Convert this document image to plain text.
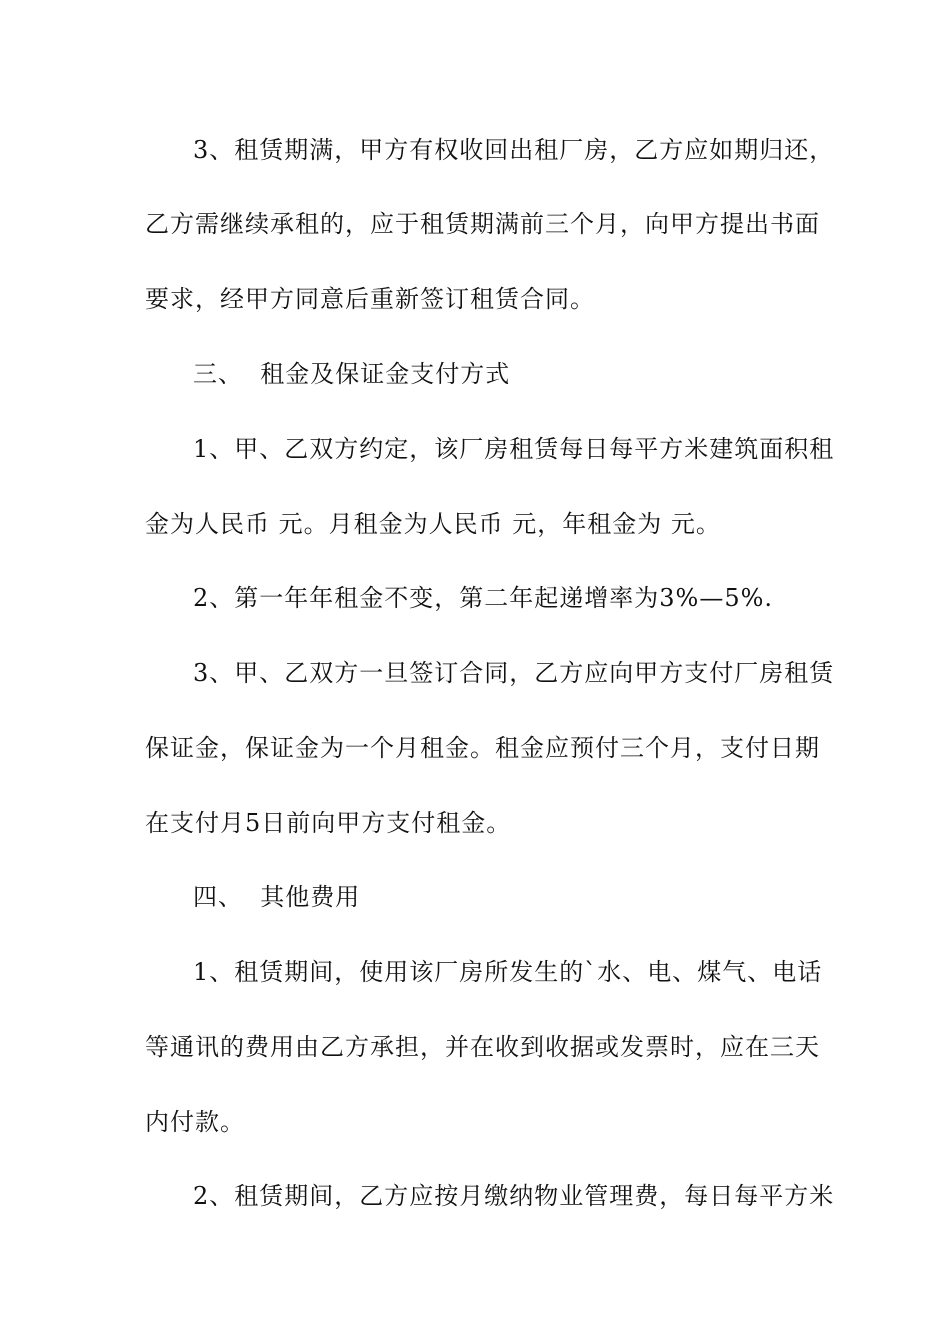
3、租赁期满，甲方有权收回出租厂房，乙方应如期归还，
乙方需继续承租的，应于租赁期满前三个月，向甲方提出书面
要求，经甲方同意后重新签订租赁合同。
三、  租金及保证金支付方式
1、甲、乙双方约定，该厂房租赁每日每平方米建筑面积租
金为人民币 元。月租金为人民币 元，年租金为 元。
2、第一年年租金不变，第二年起递增率为3%—5%.
3、甲、乙双方一旦签订合同，乙方应向甲方支付厂房租赁
保证金，保证金为一个月租金。租金应预付三个月，支付日期
在支付月5日前向甲方支付租金。
四、  其他费用
1、租赁期间，使用该厂房所发生的`水、电、煤气、电话
等通讯的费用由乙方承担，并在收到收据或发票时，应在三天
内付款。
2、租赁期间，乙方应按月缴纳物业管理费，每日每平方米
